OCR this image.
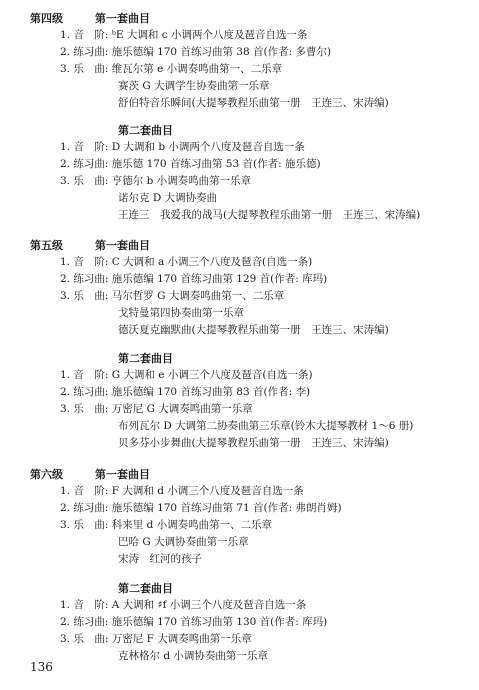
第四级	第一套曲目
1. 音　阶: ᵇE 大调和 c 小调两个八度及琶音自选一条
2. 练习曲: 施乐德编 170 首练习曲第 38 首(作者: 多曹尔)
3. 乐　曲: 维瓦尔第 e 小调奏鸣曲第一、二乐章
赛茨 G 大调学生协奏曲第一乐章
舒伯特音乐瞬间(大提琴教程乐曲第一册　王连三、宋涛编)
第二套曲目
1. 音　阶: D 大调和 b 小调两个八度及琶音自选一条
2. 练习曲: 施乐德 170 首练习曲第 53 首(作者: 施乐德)
3. 乐　曲: 亨德尔 b 小调奏鸣曲第一乐章
诺尔克 D 大调协奏曲
王连三　我爱我的战马(大提琴教程乐曲第一册　王连三、宋涛编)
第五级	第一套曲目
1. 音　阶: C 大调和 a 小调三个八度及琶音(自选一条)
2. 练习曲: 施乐德编 170 首练习曲第 129 首(作者: 库玛)
3. 乐　曲: 马尔哲罗 G 大调奏鸣曲第一、二乐章
戈特曼第四协奏曲第一乐章
德沃夏克幽默曲(大提琴教程乐曲第一册　王连三、宋涛编)
第二套曲目
1. 音　阶: G 大调和 e 小调三个八度及琶音(自选一条)
2. 练习曲: 施乐德编 170 首练习曲第 83 首(作者: 李)
3. 乐　曲: 万密尼 G 大调奏鸣曲第一乐章
布列瓦尔 D 大调第二协奏曲第三乐章(铃木大提琴教材 1～6 册)
贝多芬小步舞曲(大提琴教程乐曲第一册　王连三、宋涛编)
第六级	第一套曲目
1. 音　阶: F 大调和 d 小调三个八度及琶音自选一条
2. 练习曲: 施乐德编 170 首练习曲第 71 首(作者: 弗朗肖姆)
3. 乐　曲: 科来里 d 小调奏鸣曲第一、二乐章
巴哈 G 大调协奏曲第一乐章
宋涛　红河的孩子
第二套曲目
1. 音　阶: A 大调和 ♯f 小调三个八度及琶音自选一条
2. 练习曲: 施乐德编 170 首练习曲第 130 首(作者: 库玛)
3. 乐　曲: 万密尼 F 大调奏鸣曲第一乐章
克林格尔 d 小调协奏曲第一乐章
136
